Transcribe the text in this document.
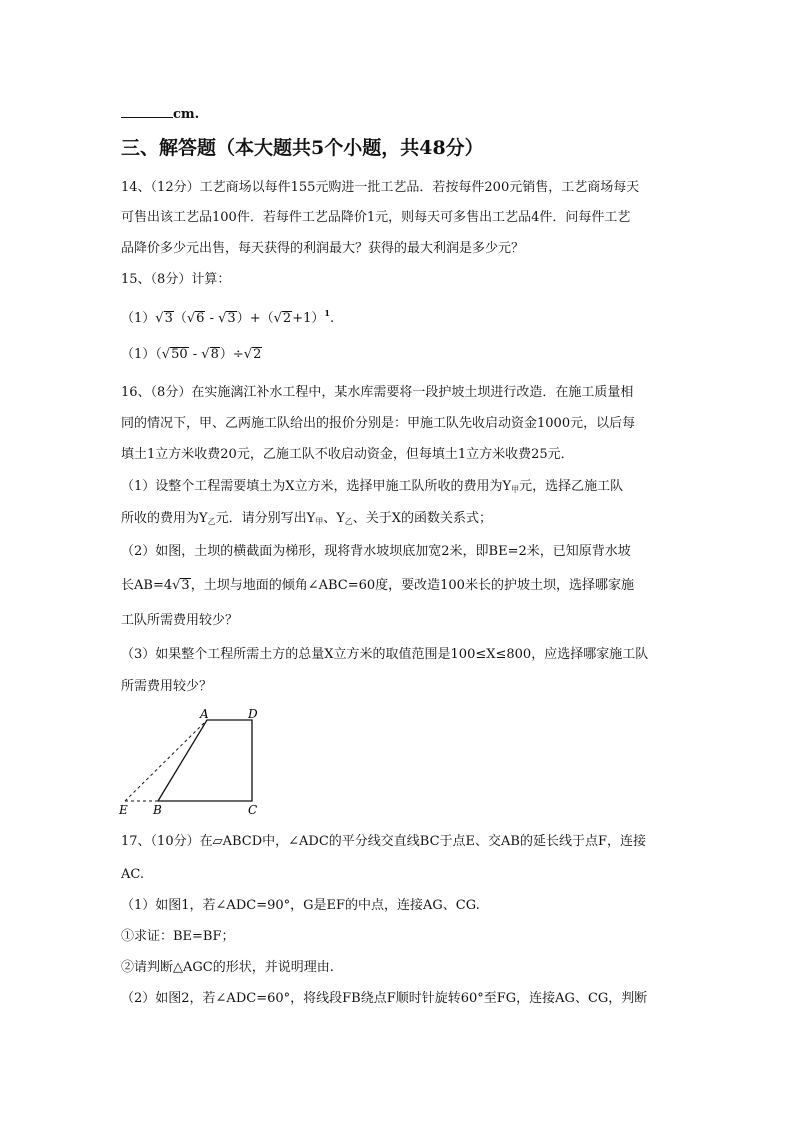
cm.
三、解答题（本大题共5个小题，共48分）
14、（12分）工艺商场以每件155元购进一批工艺品．若按每件200元销售，工艺商场每天
可售出该工艺品100件．若每件工艺品降价1元，则每天可多售出工艺品4件．问每件工艺
品降价多少元出售，每天获得的利润最大？获得的最大利润是多少元？
15、（8分）计算：
$(1)√3(√6 - √3)+(√2+1)^1$.
（1）（√50 - √8）÷√2
16、（8分）在实施漓江补水工程中，某水库需要将一段护坡土坝进行改造．在施工质量相
同的情况下，甲、乙两施工队给出的报价分别是：甲施工队先收启动资金1000元，以后每
填土1立方米收费20元，乙施工队不收启动资金，但每填土1立方米收费25元．
（1）设整个工程需要填土为X立方米，选择甲施工队所收的费用为$Y_甲$元，选择乙施工队
所收的费用为$Y_乙$元．请分别写出$Y_甲$、$Y_乙$、关于X的函数关系式；
（2）如图，土坝的横截面为梯形，现将背水坡坝底加宽2米，即BE=2米，已知原背水坡
长AB=4√3，土坝与地面的倾角∠ABC=60度，要改造100米长的护坡土坝，选择哪家施
工队所需费用较少？
（3）如果整个工程所需土方的总量X立方米的取值范围是100≤X≤800，应选择哪家施工队
所需费用较少？
A	D
E B	C
17、（10分）在▱ABCD中，∠ADC的平分线交直线BC于点E、交AB的延长线于点F，连接
AC.
（1）如图1，若∠ADC=90°，G是EF的中点，连接AG、CG.
①求证：BE=BF；
②请判断△AGC的形状，并说明理由.
（2）如图2，若∠ADC=60°，将线段FB绕点F顺时针旋转60°至FG，连接AG、CG，判断
